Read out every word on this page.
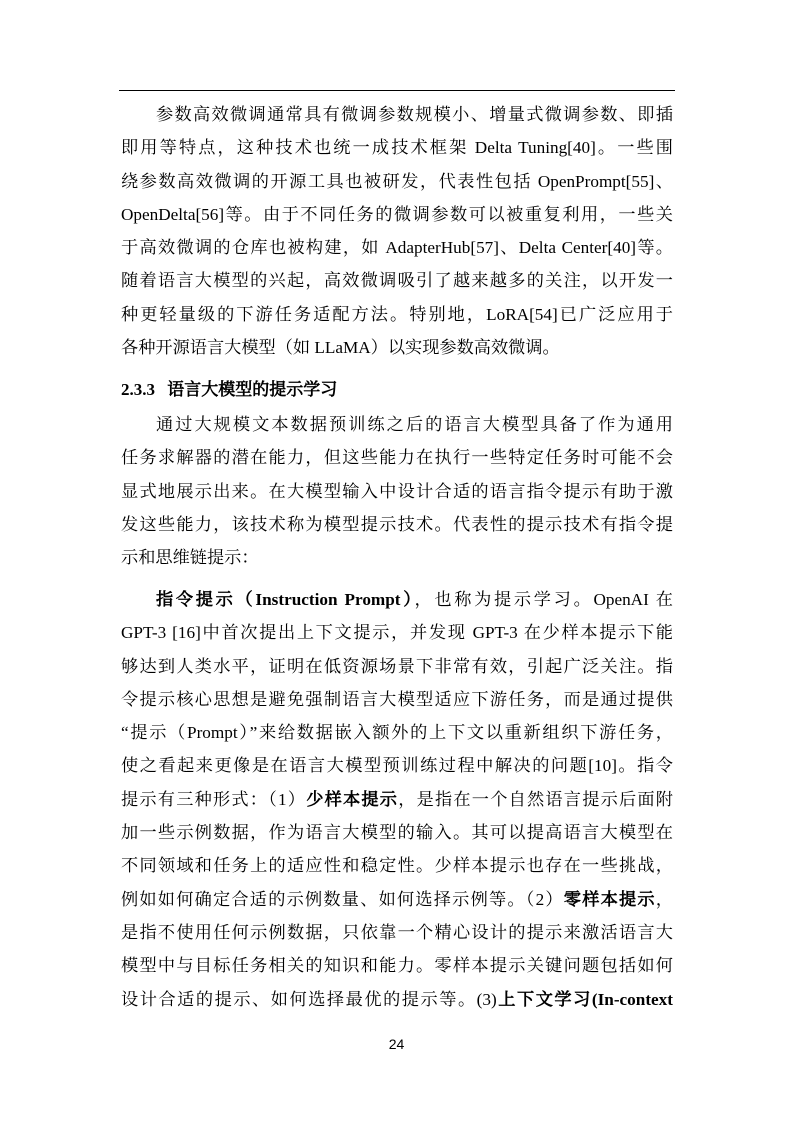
参数高效微调通常具有微调参数规模小、增量式微调参数、即插
即用等特点，这种技术也统一成技术框架 Delta Tuning[40]。一些围
绕参数高效微调的开源工具也被研发，代表性包括 OpenPrompt[55]、
OpenDelta[56]等。由于不同任务的微调参数可以被重复利用，一些关
于高效微调的仓库也被构建，如 AdapterHub[57]、Delta Center[40]等。
随着语言大模型的兴起，高效微调吸引了越来越多的关注，以开发一
种更轻量级的下游任务适配方法。特别地，LoRA[54]已广泛应用于
各种开源语言大模型（如 LLaMA）以实现参数高效微调。
2.3.3 语言大模型的提示学习
通过大规模文本数据预训练之后的语言大模型具备了作为通用
任务求解器的潜在能力，但这些能力在执行一些特定任务时可能不会
显式地展示出来。在大模型输入中设计合适的语言指令提示有助于激
发这些能力，该技术称为模型提示技术。代表性的提示技术有指令提
示和思维链提示：
指令提示（Instruction Prompt），也称为提示学习。OpenAI 在
GPT-3 [16]中首次提出上下文提示，并发现 GPT-3 在少样本提示下能
够达到人类水平，证明在低资源场景下非常有效，引起广泛关注。指
令提示核心思想是避免强制语言大模型适应下游任务，而是通过提供
“提示（Prompt）”来给数据嵌入额外的上下文以重新组织下游任务，
使之看起来更像是在语言大模型预训练过程中解决的问题[10]。指令
提示有三种形式：（1）少样本提示，是指在一个自然语言提示后面附
加一些示例数据，作为语言大模型的输入。其可以提高语言大模型在
不同领域和任务上的适应性和稳定性。少样本提示也存在一些挑战，
例如如何确定合适的示例数量、如何选择示例等。（2）零样本提示，
是指不使用任何示例数据，只依靠一个精心设计的提示来激活语言大
模型中与目标任务相关的知识和能力。零样本提示关键问题包括如何
设计合适的提示、如何选择最优的提示等。(3)上下文学习(In-context
24
